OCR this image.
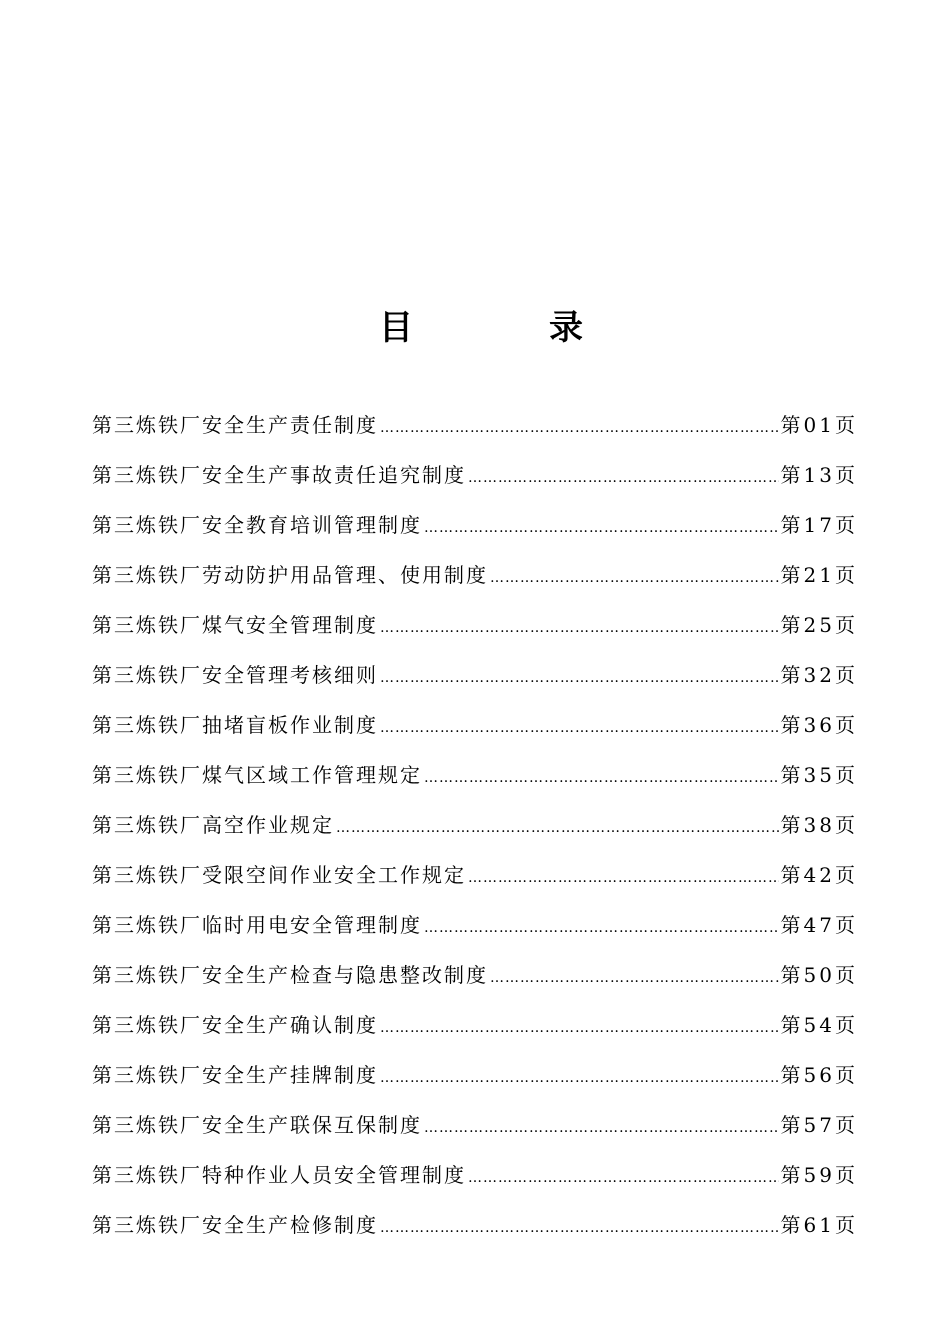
目	录
第三炼铁厂安全生产责任制度 ……………………………………………………………………………………………………………………………………………	第01页
第三炼铁厂安全生产事故责任追究制度 ……………………………………………………………………………………………………………………………………………	第13页
第三炼铁厂安全教育培训管理制度 ……………………………………………………………………………………………………………………………………………	第17页
第三炼铁厂劳动防护用品管理、使用制度 ……………………………………………………………………………………………………………………………………………	第21页
第三炼铁厂煤气安全管理制度 ……………………………………………………………………………………………………………………………………………	第25页
第三炼铁厂安全管理考核细则 ……………………………………………………………………………………………………………………………………………	第32页
第三炼铁厂抽堵盲板作业制度 ……………………………………………………………………………………………………………………………………………	第36页
第三炼铁厂煤气区域工作管理规定 ……………………………………………………………………………………………………………………………………………	第35页
第三炼铁厂高空作业规定 ……………………………………………………………………………………………………………………………………………	第38页
第三炼铁厂受限空间作业安全工作规定 ……………………………………………………………………………………………………………………………………………	第42页
第三炼铁厂临时用电安全管理制度 ……………………………………………………………………………………………………………………………………………	第47页
第三炼铁厂安全生产检查与隐患整改制度 ……………………………………………………………………………………………………………………………………………	第50页
第三炼铁厂安全生产确认制度 ……………………………………………………………………………………………………………………………………………	第54页
第三炼铁厂安全生产挂牌制度 ……………………………………………………………………………………………………………………………………………	第56页
第三炼铁厂安全生产联保互保制度 ……………………………………………………………………………………………………………………………………………	第57页
第三炼铁厂特种作业人员安全管理制度 ……………………………………………………………………………………………………………………………………………	第59页
第三炼铁厂安全生产检修制度 ……………………………………………………………………………………………………………………………………………	第61页
